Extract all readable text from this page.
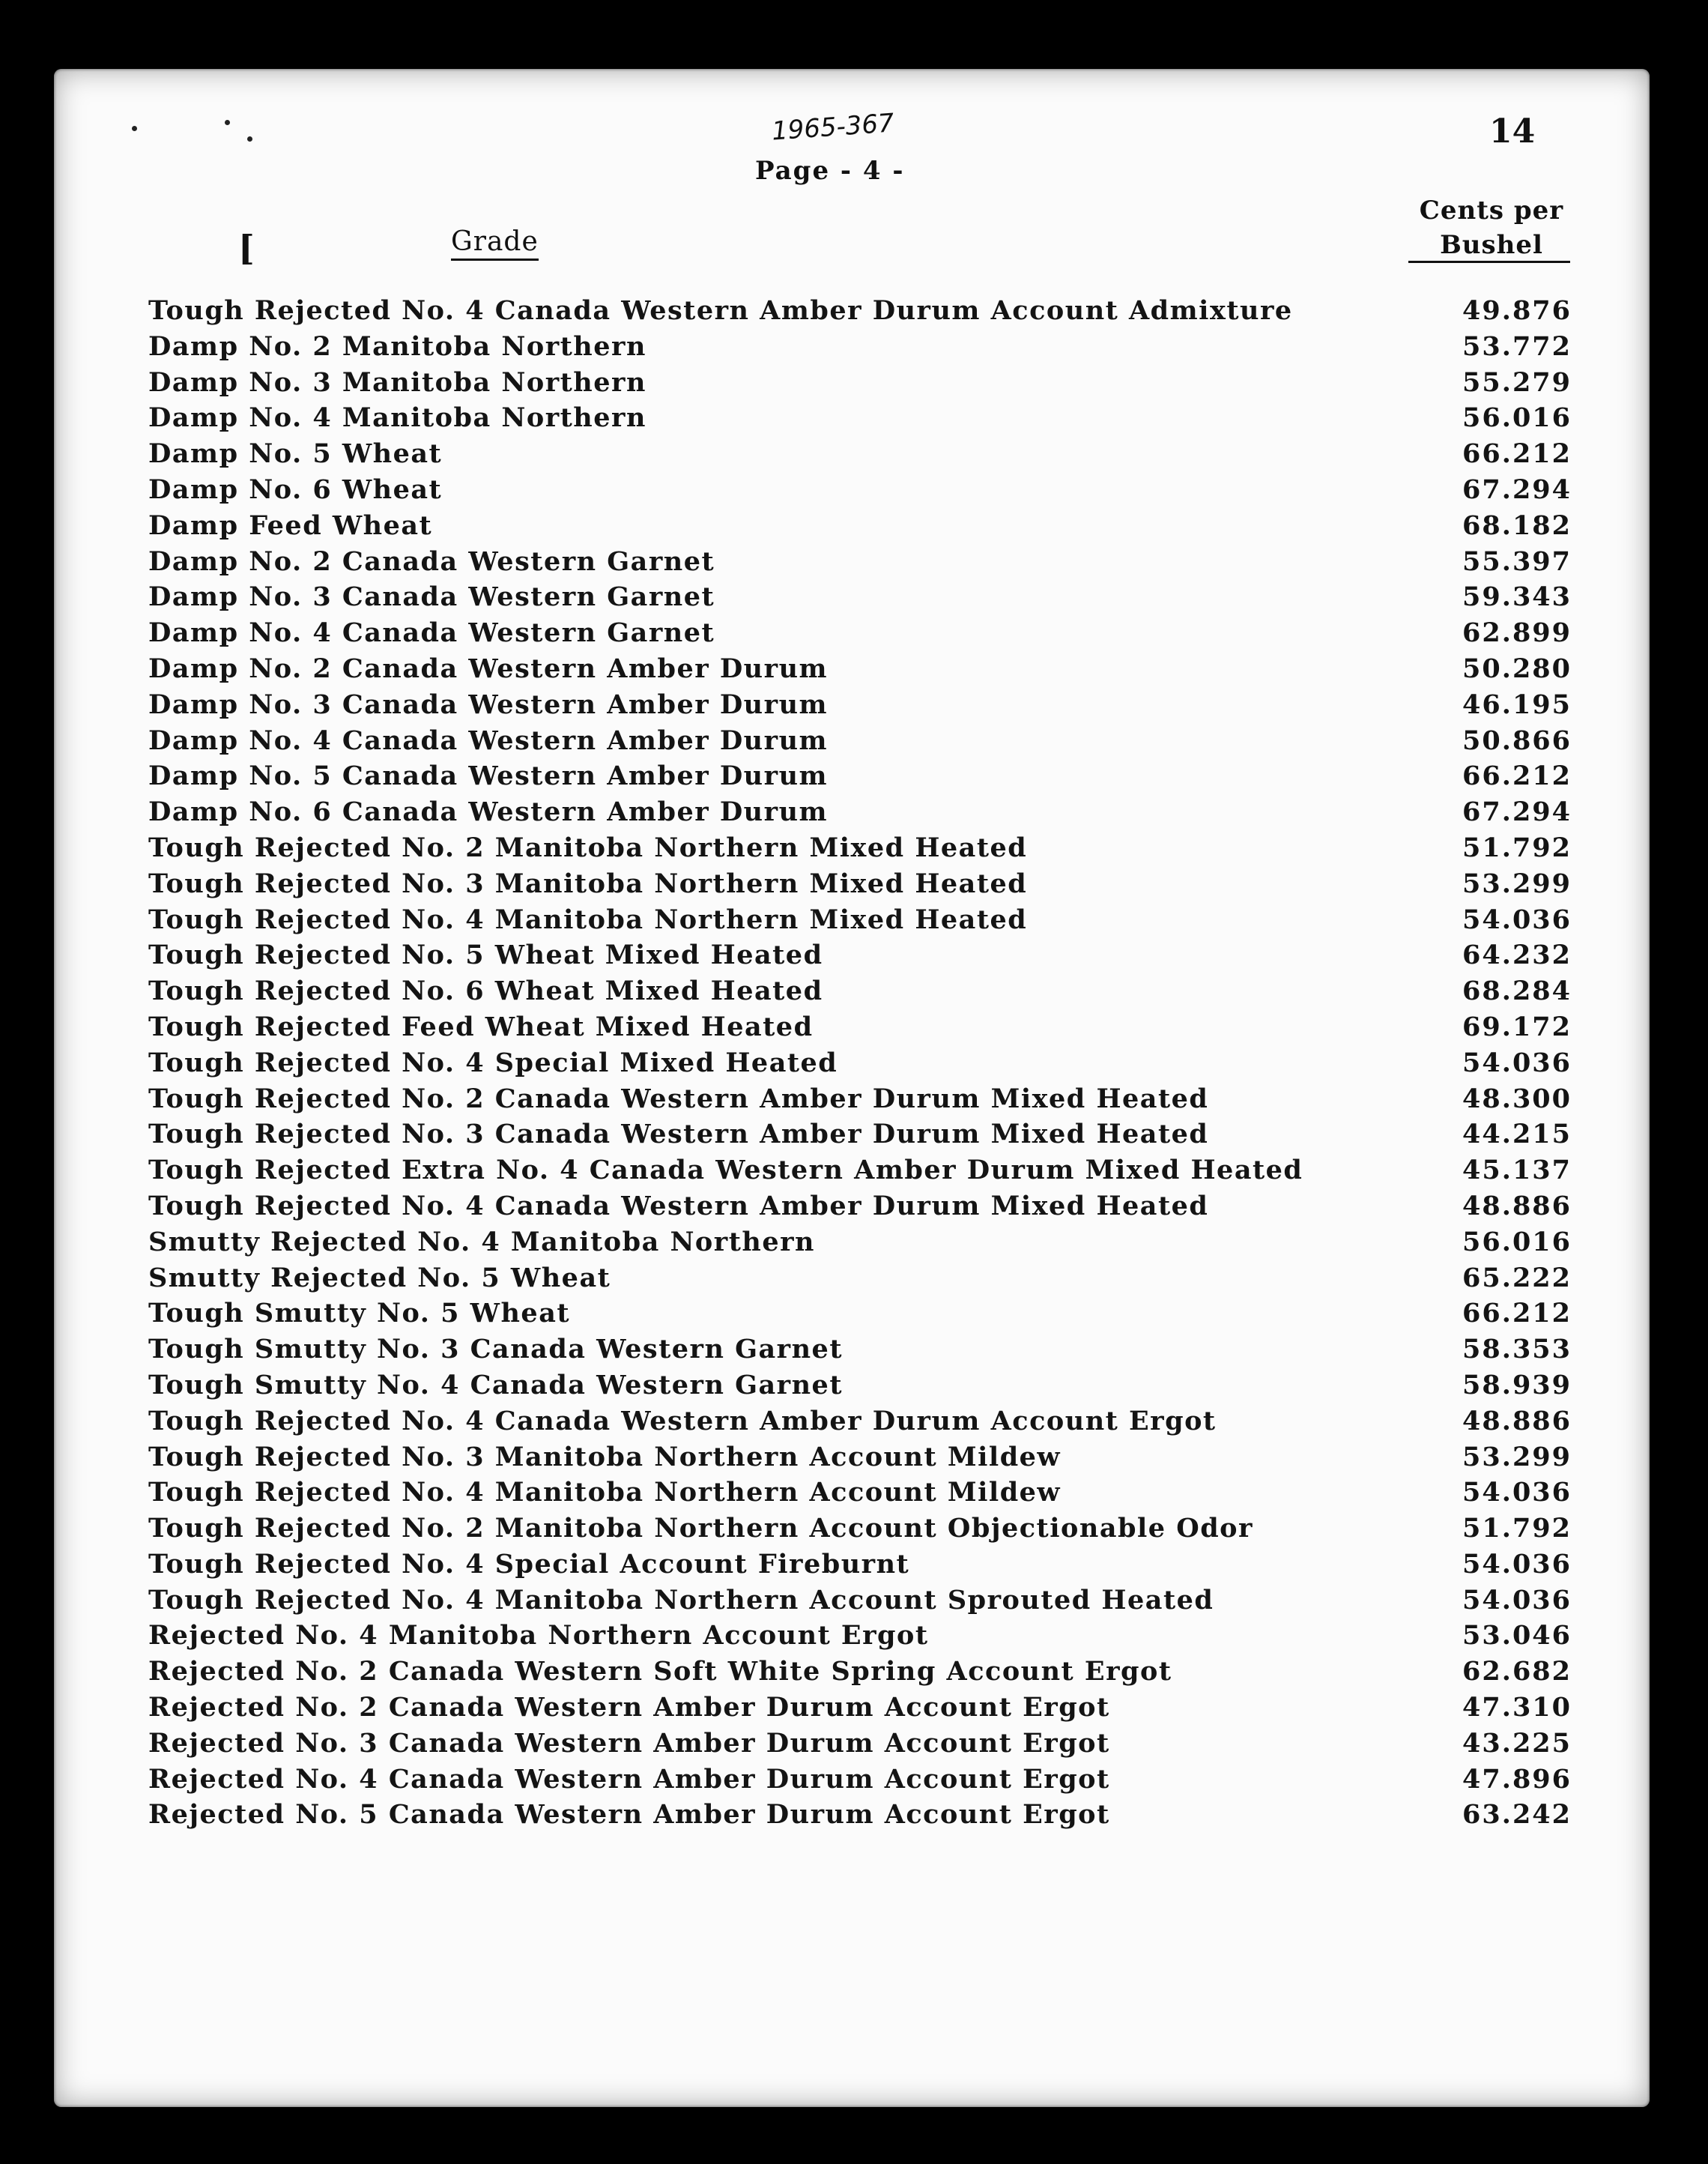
1965-367	14
Page - 4 -
[	Grade
Cents per
Bushel
Tough Rejected No. 4 Canada Western Amber Durum Account Admixture	49.876
Damp No. 2 Manitoba Northern	53.772
Damp No. 3 Manitoba Northern	55.279
Damp No. 4 Manitoba Northern	56.016
Damp No. 5 Wheat	66.212
Damp No. 6 Wheat	67.294
Damp Feed Wheat	68.182
Damp No. 2 Canada Western Garnet	55.397
Damp No. 3 Canada Western Garnet	59.343
Damp No. 4 Canada Western Garnet	62.899
Damp No. 2 Canada Western Amber Durum	50.280
Damp No. 3 Canada Western Amber Durum	46.195
Damp No. 4 Canada Western Amber Durum	50.866
Damp No. 5 Canada Western Amber Durum	66.212
Damp No. 6 Canada Western Amber Durum	67.294
Tough Rejected No. 2 Manitoba Northern Mixed Heated	51.792
Tough Rejected No. 3 Manitoba Northern Mixed Heated	53.299
Tough Rejected No. 4 Manitoba Northern Mixed Heated	54.036
Tough Rejected No. 5 Wheat Mixed Heated	64.232
Tough Rejected No. 6 Wheat Mixed Heated	68.284
Tough Rejected Feed Wheat Mixed Heated	69.172
Tough Rejected No. 4 Special Mixed Heated	54.036
Tough Rejected No. 2 Canada Western Amber Durum Mixed Heated	48.300
Tough Rejected No. 3 Canada Western Amber Durum Mixed Heated	44.215
Tough Rejected Extra No. 4 Canada Western Amber Durum Mixed Heated	45.137
Tough Rejected No. 4 Canada Western Amber Durum Mixed Heated	48.886
Smutty Rejected No. 4 Manitoba Northern	56.016
Smutty Rejected No. 5 Wheat	65.222
Tough Smutty No. 5 Wheat	66.212
Tough Smutty No. 3 Canada Western Garnet	58.353
Tough Smutty No. 4 Canada Western Garnet	58.939
Tough Rejected No. 4 Canada Western Amber Durum Account Ergot	48.886
Tough Rejected No. 3 Manitoba Northern Account Mildew	53.299
Tough Rejected No. 4 Manitoba Northern Account Mildew	54.036
Tough Rejected No. 2 Manitoba Northern Account Objectionable Odor	51.792
Tough Rejected No. 4 Special Account Fireburnt	54.036
Tough Rejected No. 4 Manitoba Northern Account Sprouted Heated	54.036
Rejected No. 4 Manitoba Northern Account Ergot	53.046
Rejected No. 2 Canada Western Soft White Spring Account Ergot	62.682
Rejected No. 2 Canada Western Amber Durum Account Ergot	47.310
Rejected No. 3 Canada Western Amber Durum Account Ergot	43.225
Rejected No. 4 Canada Western Amber Durum Account Ergot	47.896
Rejected No. 5 Canada Western Amber Durum Account Ergot	63.242
